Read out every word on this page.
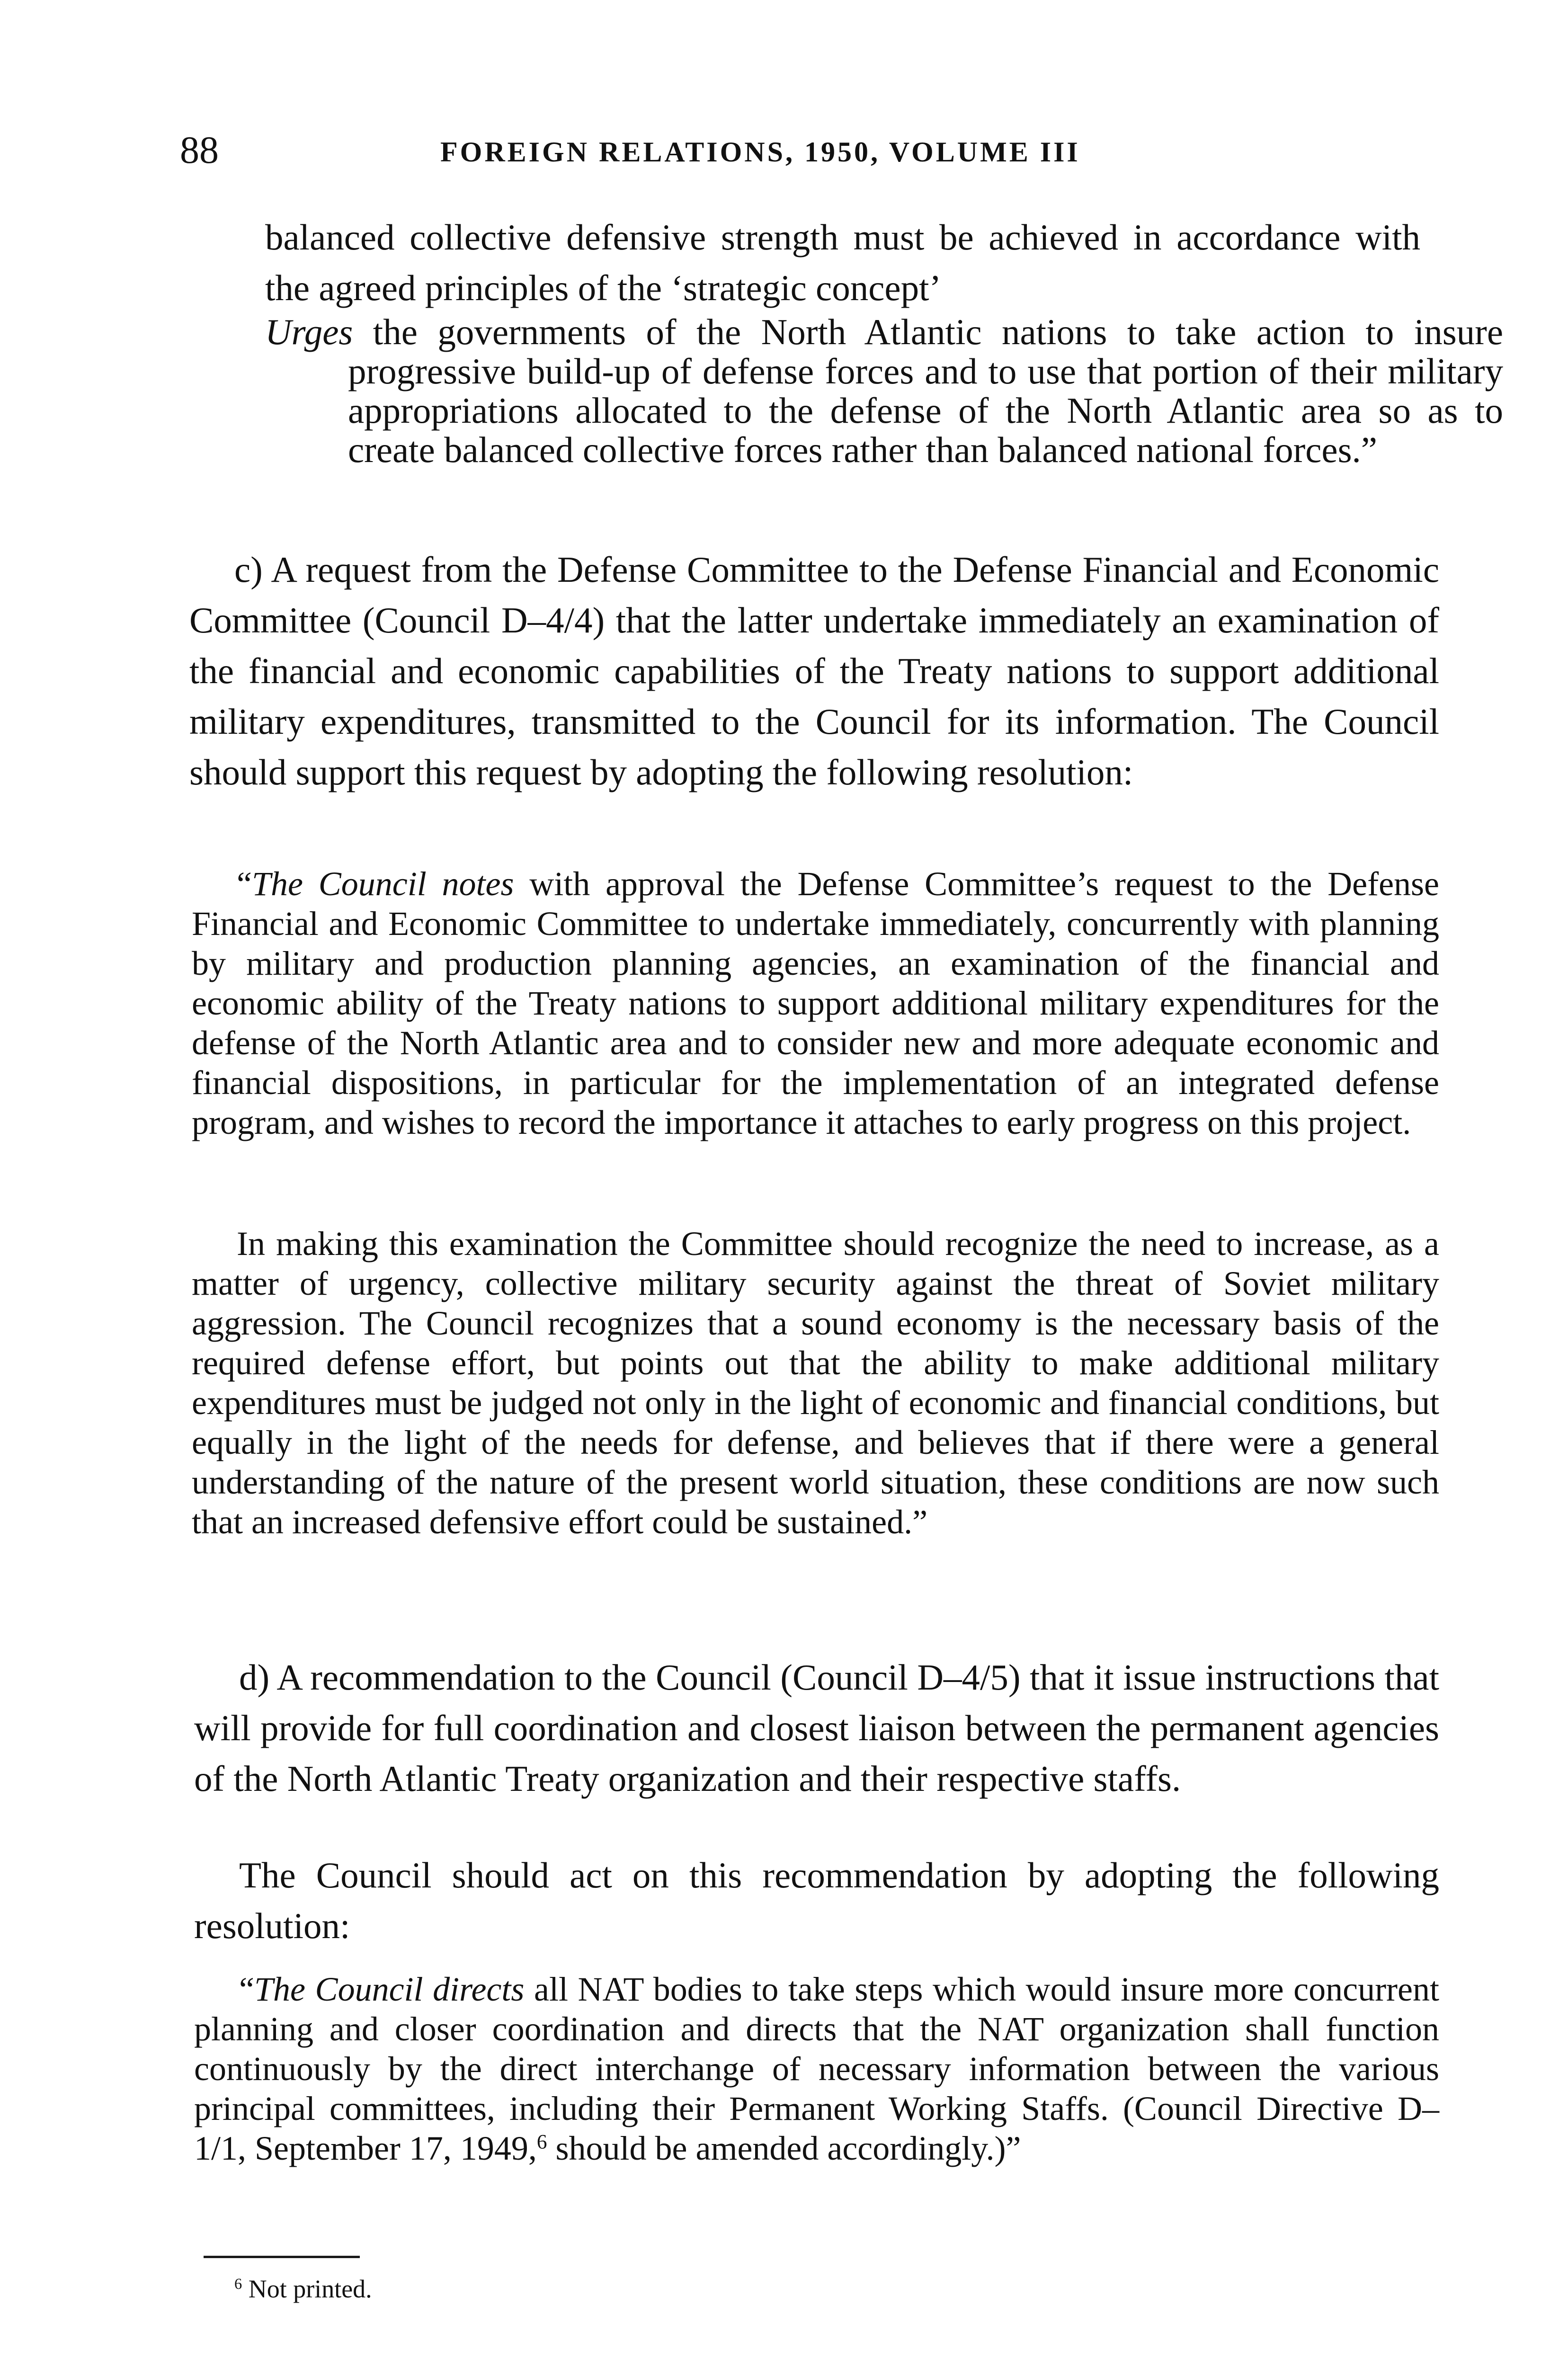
88	FOREIGN RELATIONS, 1950, VOLUME III
balanced collective defensive strength must be achieved in accordance with the agreed principles of the ‘strategic concept’
Urges the governments of the North Atlantic nations to take action to insure progressive build-up of defense forces and to use that portion of their military appropriations allocated to the defense of the North Atlantic area so as to create balanced collective forces rather than balanced national forces.”
c) A request from the Defense Committee to the Defense Financial and Economic Committee (Council D–4/4) that the latter undertake immediately an examination of the financial and economic capabilities of the Treaty nations to support additional military expenditures, transmitted to the Council for its information. The Council should support this request by adopting the following resolution:
“The Council notes with approval the Defense Committee’s request to the Defense Financial and Economic Committee to undertake immediately, concurrently with planning by military and production planning agencies, an examination of the financial and economic ability of the Treaty nations to support additional military expenditures for the defense of the North Atlantic area and to consider new and more adequate economic and financial dispositions, in particular for the implementation of an integrated defense program, and wishes to record the importance it attaches to early progress on this project.
In making this examination the Committee should recognize the need to increase, as a matter of urgency, collective military security against the threat of Soviet military aggression. The Council recognizes that a sound economy is the necessary basis of the required defense effort, but points out that the ability to make additional military expenditures must be judged not only in the light of economic and financial conditions, but equally in the light of the needs for defense, and believes that if there were a general understanding of the nature of the present world situation, these conditions are now such that an increased defensive effort could be sustained.”
d) A recommendation to the Council (Council D–4/5) that it issue instructions that will provide for full coordination and closest liaison between the permanent agencies of the North Atlantic Treaty organization and their respective staffs.
The Council should act on this recommendation by adopting the following resolution:
“The Council directs all NAT bodies to take steps which would insure more concurrent planning and closer coordination and directs that the NAT organization shall function continuously by the direct interchange of necessary information between the various principal committees, including their Permanent Working Staffs. (Council Directive D–1/1, September 17, 1949,$^6$ should be amended accordingly.)”
$^6$ Not printed.
